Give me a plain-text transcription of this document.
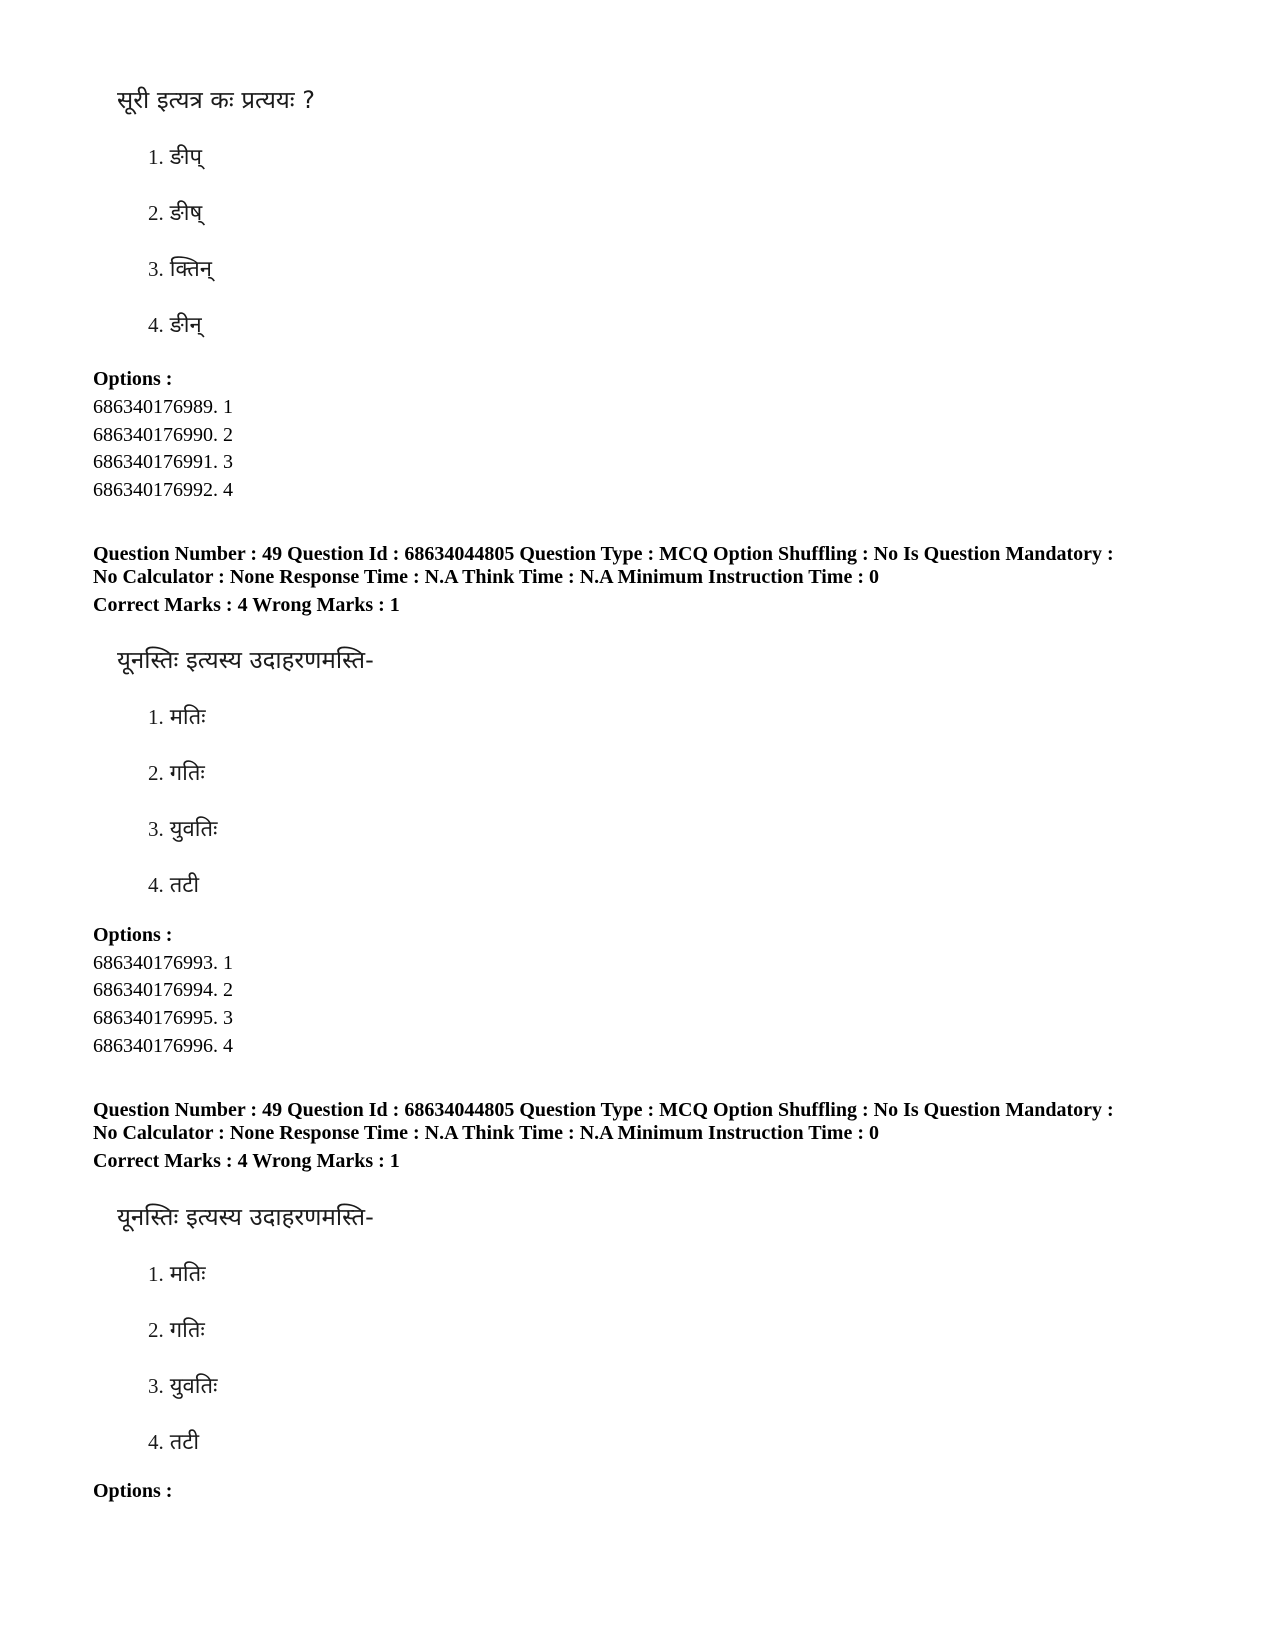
सूरी इत्यत्र कः प्रत्ययः ?
1. ङीप्
2. ङीष्
3. क्तिन्
4. ङीन्
Options :
686340176989. 1
686340176990. 2
686340176991. 3
686340176992. 4
Question Number : 49 Question Id : 68634044805 Question Type : MCQ Option Shuffling : No Is Question Mandatory :
No Calculator : None Response Time : N.A Think Time : N.A Minimum Instruction Time : 0
Correct Marks : 4 Wrong Marks : 1
यूनस्तिः इत्यस्य उदाहरणमस्ति-
1. मतिः
2. गतिः
3. युवतिः
4. तटी
Options :
686340176993. 1
686340176994. 2
686340176995. 3
686340176996. 4
Question Number : 49 Question Id : 68634044805 Question Type : MCQ Option Shuffling : No Is Question Mandatory :
No Calculator : None Response Time : N.A Think Time : N.A Minimum Instruction Time : 0
Correct Marks : 4 Wrong Marks : 1
यूनस्तिः इत्यस्य उदाहरणमस्ति-
1. मतिः
2. गतिः
3. युवतिः
4. तटी
Options :
